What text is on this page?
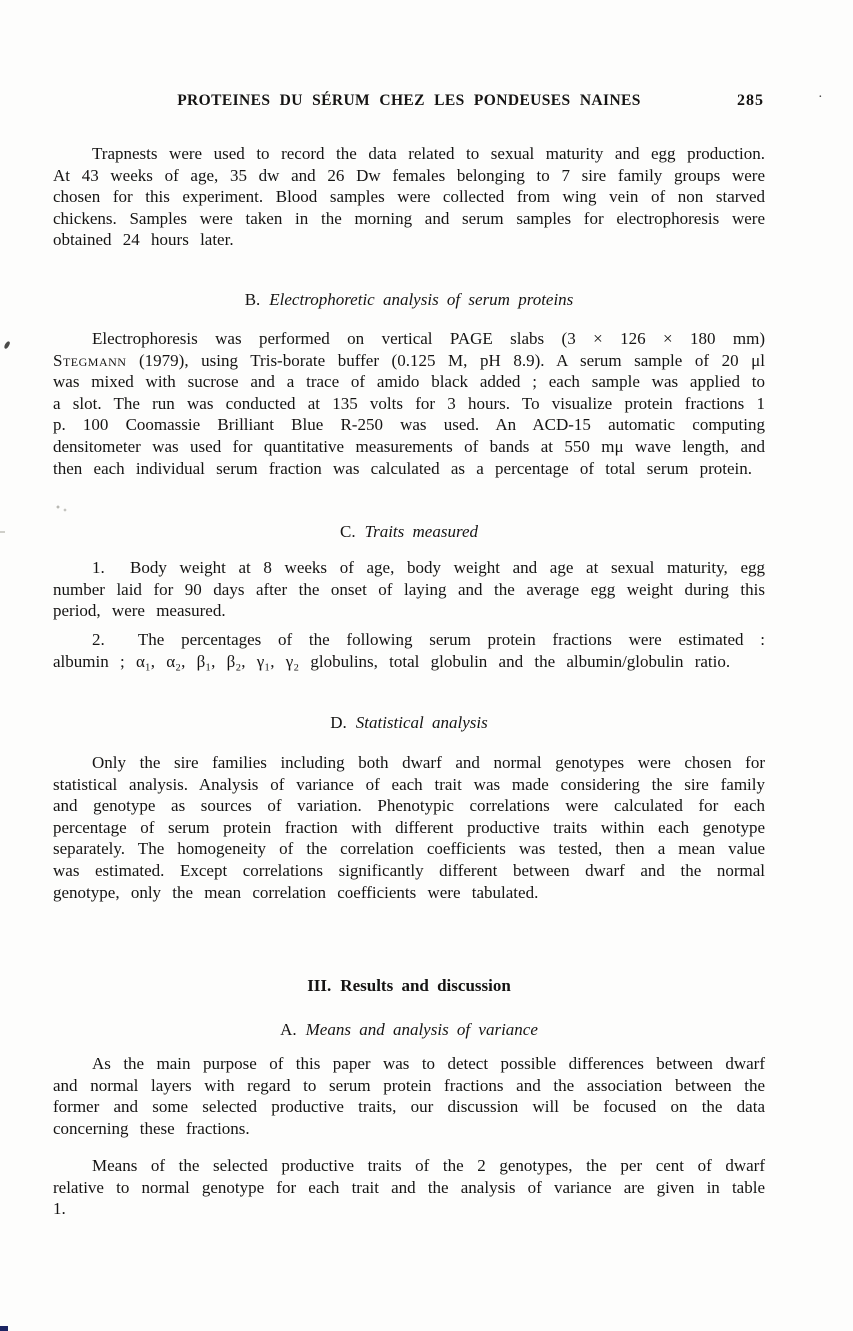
PROTEINES DU SÉRUM CHEZ LES PONDEUSES NAINES	285	·

Trapnests were used to record the data related to sexual maturity and egg production. At 43 weeks of age, 35 dw and 26 Dw females belonging to 7 sire family groups were chosen for this experiment. Blood samples were collected from wing vein of non starved chickens. Samples were taken in the morning and serum samples for electrophoresis were obtained 24 hours later.

B. Electrophoretic analysis of serum proteins

Electrophoresis was performed on vertical PAGE slabs (3 × 126 × 180 mm) Stegmann (1979), using Tris-borate buffer (0.125 M, pH 8.9). A serum sample of 20 μl was mixed with sucrose and a trace of amido black added ; each sample was applied to a slot. The run was conducted at 135 volts for 3 hours. To visualize protein fractions 1 p. 100 Coomassie Brilliant Blue R-250 was used. An ACD-15 automatic computing densitometer was used for quantitative measurements of bands at 550 mμ wave length, and then each individual serum fraction was calculated as a percentage of total serum protein.

C. Traits measured

1.  Body weight at 8 weeks of age, body weight and age at sexual maturity, egg number laid for 90 days after the onset of laying and the average egg weight during this period, were measured.

2.  The percentages of the following serum protein fractions were estimated : albumin ; α₁, α₂, β₁, β₂, γ₁, γ₂ globulins, total globulin and the albumin/globulin ratio.

D. Statistical analysis

Only the sire families including both dwarf and normal genotypes were chosen for statistical analysis. Analysis of variance of each trait was made considering the sire family and genotype as sources of variation. Phenotypic correlations were calculated for each percentage of serum protein fraction with different productive traits within each genotype separately. The homogeneity of the correlation coefficients was tested, then a mean value was estimated. Except correlations significantly different between dwarf and the normal genotype, only the mean correlation coefficients were tabulated.

III. Results and discussion
A. Means and analysis of variance

As the main purpose of this paper was to detect possible differences between dwarf and normal layers with regard to serum protein fractions and the association between the former and some selected productive traits, our discussion will be focused on the data concerning these fractions.

Means of the selected productive traits of the 2 genotypes, the per cent of dwarf relative to normal genotype for each trait and the analysis of variance are given in table 1.
